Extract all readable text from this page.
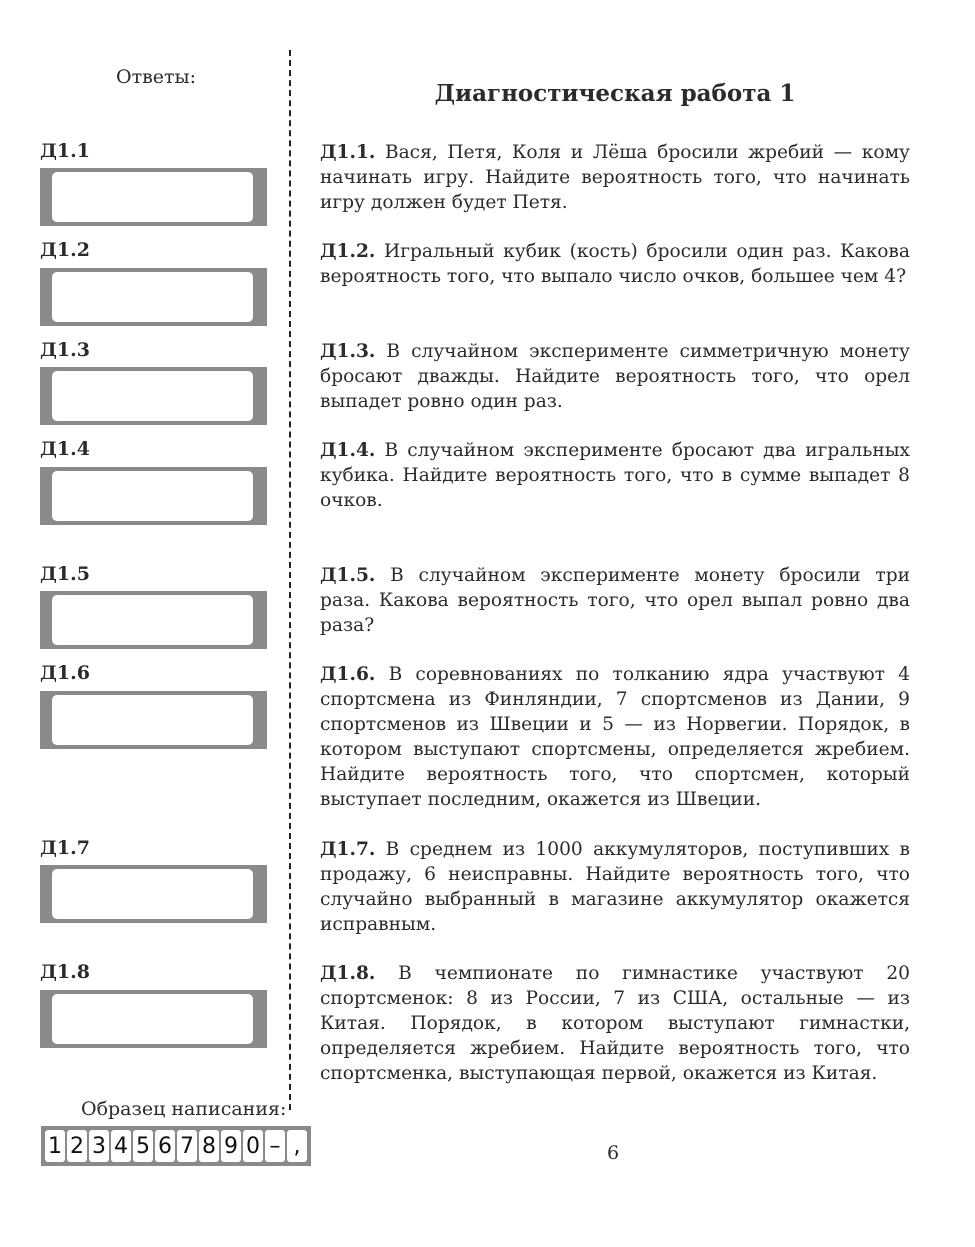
Ответы:

Диагностическая работа 1

Д1.1

Д1.2

Д1.3

Д1.4

Д1.5

Д1.6

Д1.7

Д1.8

Д1.1. Вася, Петя, Коля и Лёша бросили жребий — кому начинать игру. Найдите вероятность того, что начинать игру должен будет Петя.

Д1.2. Игральный кубик (кость) бросили один раз. Какова вероятность того, что выпало число очков, большее чем 4?

Д1.3. В случайном эксперименте симметричную монету бросают дважды. Найдите вероятность того, что орел выпадет ровно один раз.

Д1.4. В случайном эксперименте бросают два игральных кубика. Найдите вероятность того, что в сумме выпадет 8 очков.

Д1.5. В случайном эксперименте монету бросили три раза. Какова вероятность того, что орел выпал ровно два раза?

Д1.6. В соревнованиях по толканию ядра участвуют 4 спортсмена из Финляндии, 7 спортсменов из Дании, 9 спортсменов из Швеции и 5 — из Норвегии. Порядок, в котором выступают спортсмены, определяется жребием. Найдите вероятность того, что спортсмен, который выступает последним, окажется из Швеции.

Д1.7. В среднем из 1000 аккумуляторов, поступивших в продажу, 6 неисправны. Найдите вероятность того, что случайно выбранный в магазине аккумулятор окажется исправным.

Д1.8. В чемпионате по гимнастике участвуют 20 спортсменок: 8 из России, 7 из США, остальные — из Китая. Порядок, в котором выступают гимнастки, определяется жребием. Найдите вероятность того, что спортсменка, выступающая первой, окажется из Китая.

Образец написания:

1 2 3 4 5 6 7 8 9 0 – ,	6
